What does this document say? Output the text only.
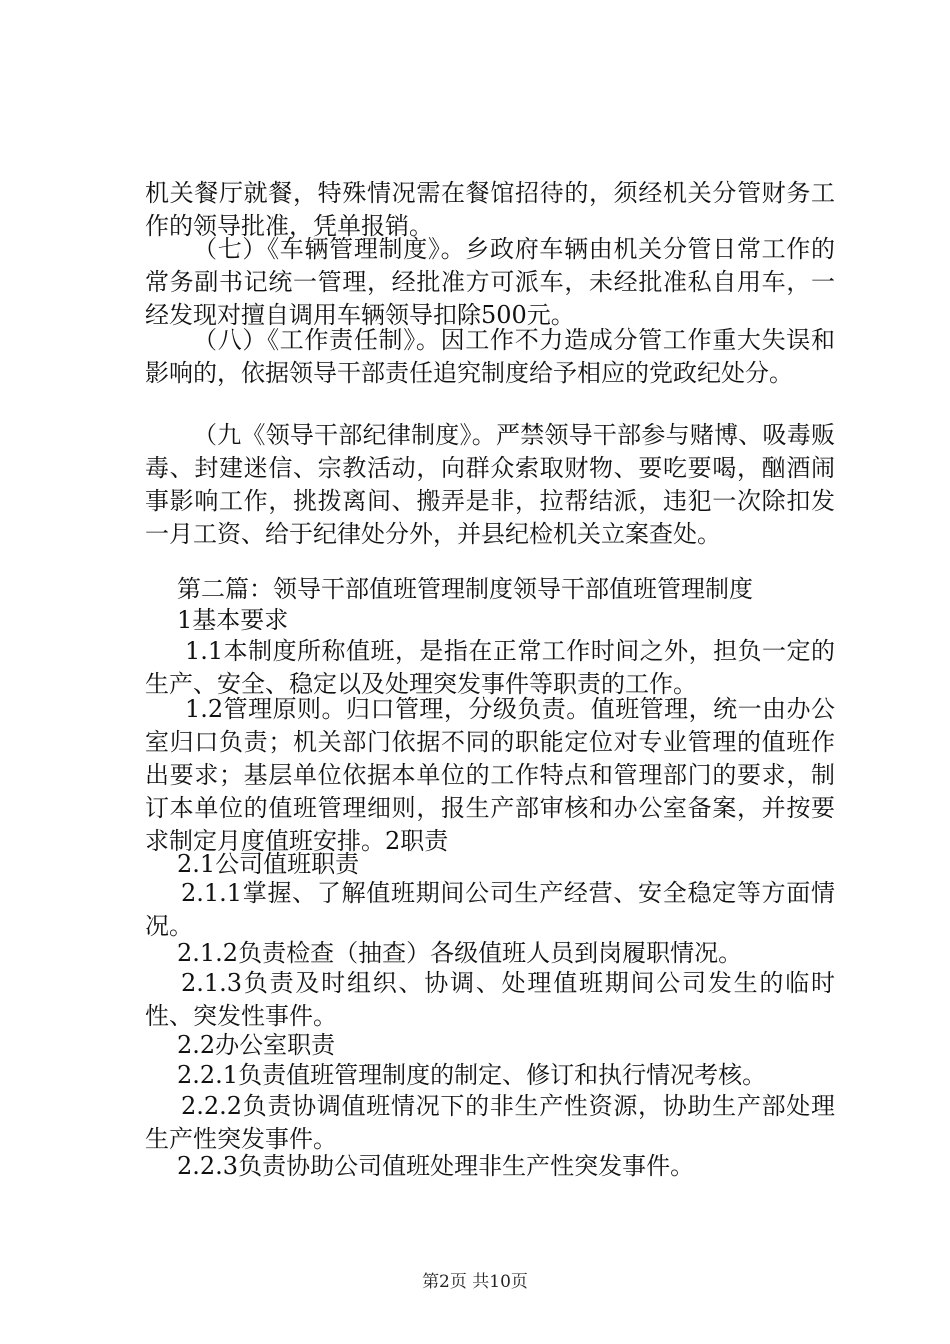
机关餐厅就餐，特殊情况需在餐馆招待的，须经机关分管财务工作的领导批准，凭单报销。

（七）《车辆管理制度》。乡政府车辆由机关分管日常工作的常务副书记统一管理，经批准方可派车，未经批准私自用车，一经发现对擅自调用车辆领导扣除500元。

（八）《工作责任制》。因工作不力造成分管工作重大失误和影响的，依据领导干部责任追究制度给予相应的党政纪处分。

（九《领导干部纪律制度》。严禁领导干部参与赌博、吸毒贩毒、封建迷信、宗教活动，向群众索取财物、要吃要喝，酗酒闹事影响工作，挑拨离间、搬弄是非，拉帮结派，违犯一次除扣发一月工资、给于纪律处分外，并县纪检机关立案查处。

第二篇：领导干部值班管理制度领导干部值班管理制度

1基本要求

1.1本制度所称值班，是指在正常工作时间之外，担负一定的生产、安全、稳定以及处理突发事件等职责的工作。

1.2管理原则。归口管理，分级负责。值班管理，统一由办公室归口负责；机关部门依据不同的职能定位对专业管理的值班作出要求；基层单位依据本单位的工作特点和管理部门的要求，制订本单位的值班管理细则，报生产部审核和办公室备案，并按要求制定月度值班安排。2职责

2.1公司值班职责

2.1.1掌握、了解值班期间公司生产经营、安全稳定等方面情况。

2.1.2负责检查（抽查）各级值班人员到岗履职情况。

2.1.3负责及时组织、协调、处理值班期间公司发生的临时性、突发性事件。

2.2办公室职责

2.2.1负责值班管理制度的制定、修订和执行情况考核。

2.2.2负责协调值班情况下的非生产性资源，协助生产部处理生产性突发事件。

2.2.3负责协助公司值班处理非生产性突发事件。

第2页 共10页
